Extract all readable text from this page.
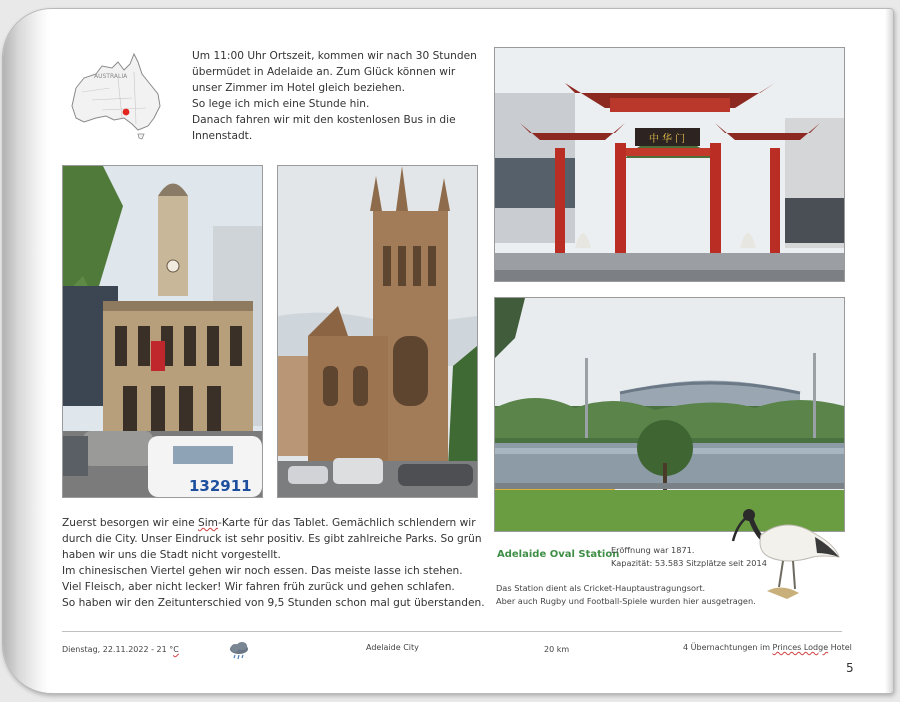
AUSTRALIA
Um 11:00 Uhr Ortszeit, kommen wir nach 30 Stunden
übermüdet in Adelaide an. Zum Glück können wir
unser Zimmer im Hotel gleich beziehen.
So lege ich mich eine Stunde hin.
Danach fahren wir mit den kostenlosen Bus in die
Innenstadt.
132911
中 华 门
Zuerst besorgen wir eine Sim-Karte für das Tablet. Gemächlich schlendern wir
durch die City. Unser Eindruck ist sehr positiv. Es gibt zahlreiche Parks. So grün
haben wir uns die Stadt nicht vorgestellt.
Im chinesischen Viertel gehen wir noch essen. Das meiste lasse ich stehen.
Viel Fleisch, aber nicht lecker! Wir fahren früh zurück und gehen schlafen.
So haben wir den Zeitunterschied von 9,5 Stunden schon mal gut überstanden.
Adelaide Oval Station
Eröffnung war 1871.
Kapazität: 53.583 Sitzplätze seit 2014
Das Station dient als Cricket-Hauptaustragungsort.
Aber auch Rugby und Football-Spiele wurden hier ausgetragen.
Dienstag, 22.11.2022 - 21 °C	Adelaide City	20 km	4 Übernachtungen im Princes Lodge Hotel
5
